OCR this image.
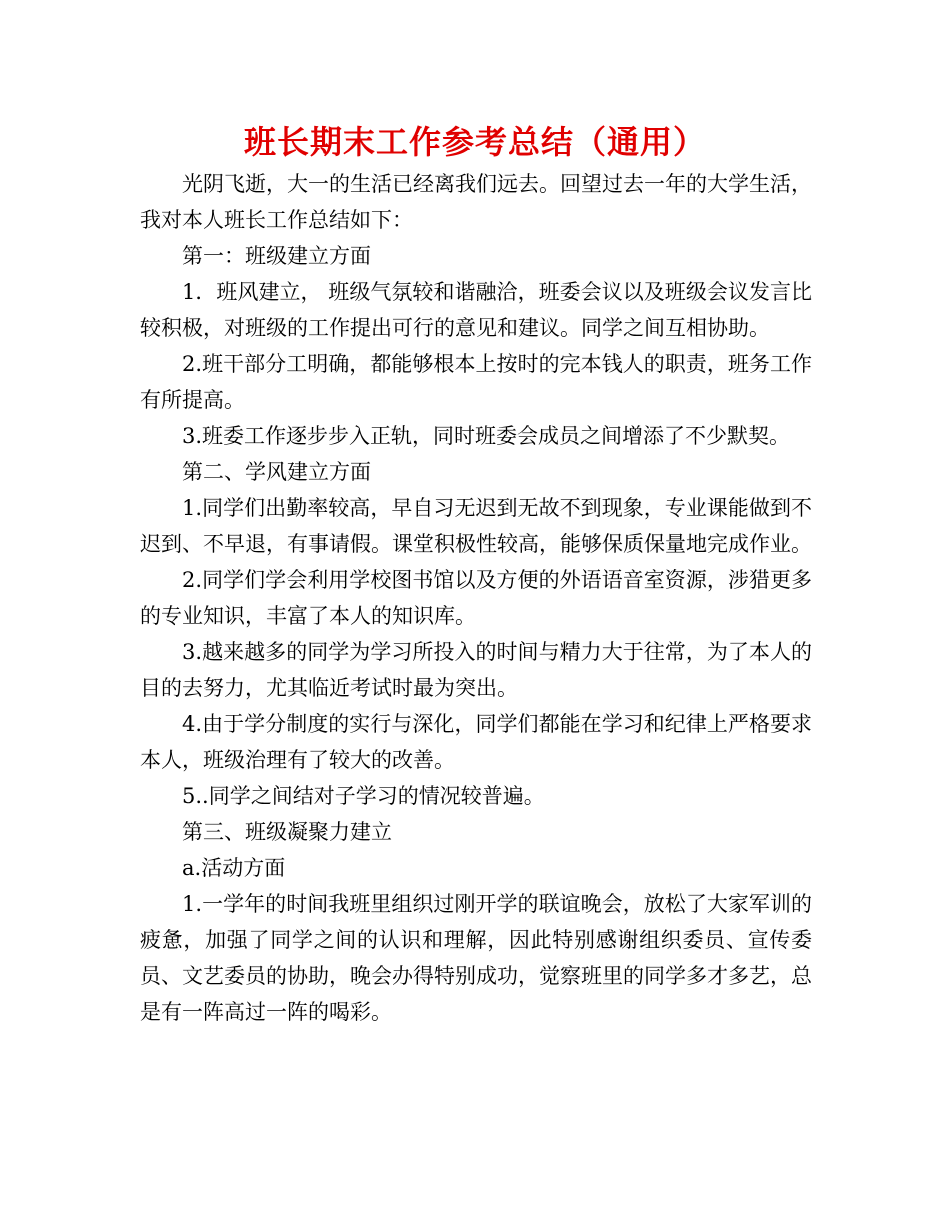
班长期末工作参考总结（通用）

光阴飞逝，大一的生活已经离我们远去。回望过去一年的大学生活，我对本人班长工作总结如下：

第一：班级建立方面

1．班风建立， 班级气氛较和谐融洽，班委会议以及班级会议发言比较积极，对班级的工作提出可行的意见和建议。同学之间互相协助。

2.班干部分工明确，都能够根本上按时的完本钱人的职责，班务工作有所提高。

3.班委工作逐步步入正轨，同时班委会成员之间增添了不少默契。

第二、学风建立方面

1.同学们出勤率较高，早自习无迟到无故不到现象，专业课能做到不迟到、不早退，有事请假。课堂积极性较高，能够保质保量地完成作业。

2.同学们学会利用学校图书馆以及方便的外语语音室资源，涉猎更多的专业知识，丰富了本人的知识库。

3.越来越多的同学为学习所投入的时间与精力大于往常，为了本人的目的去努力，尤其临近考试时最为突出。

4.由于学分制度的实行与深化，同学们都能在学习和纪律上严格要求本人，班级治理有了较大的改善。

5..同学之间结对子学习的情况较普遍。

第三、班级凝聚力建立

a.活动方面

1.一学年的时间我班里组织过刚开学的联谊晚会，放松了大家军训的疲惫，加强了同学之间的认识和理解，因此特别感谢组织委员、宣传委员、文艺委员的协助，晚会办得特别成功，觉察班里的同学多才多艺，总是有一阵高过一阵的喝彩。
